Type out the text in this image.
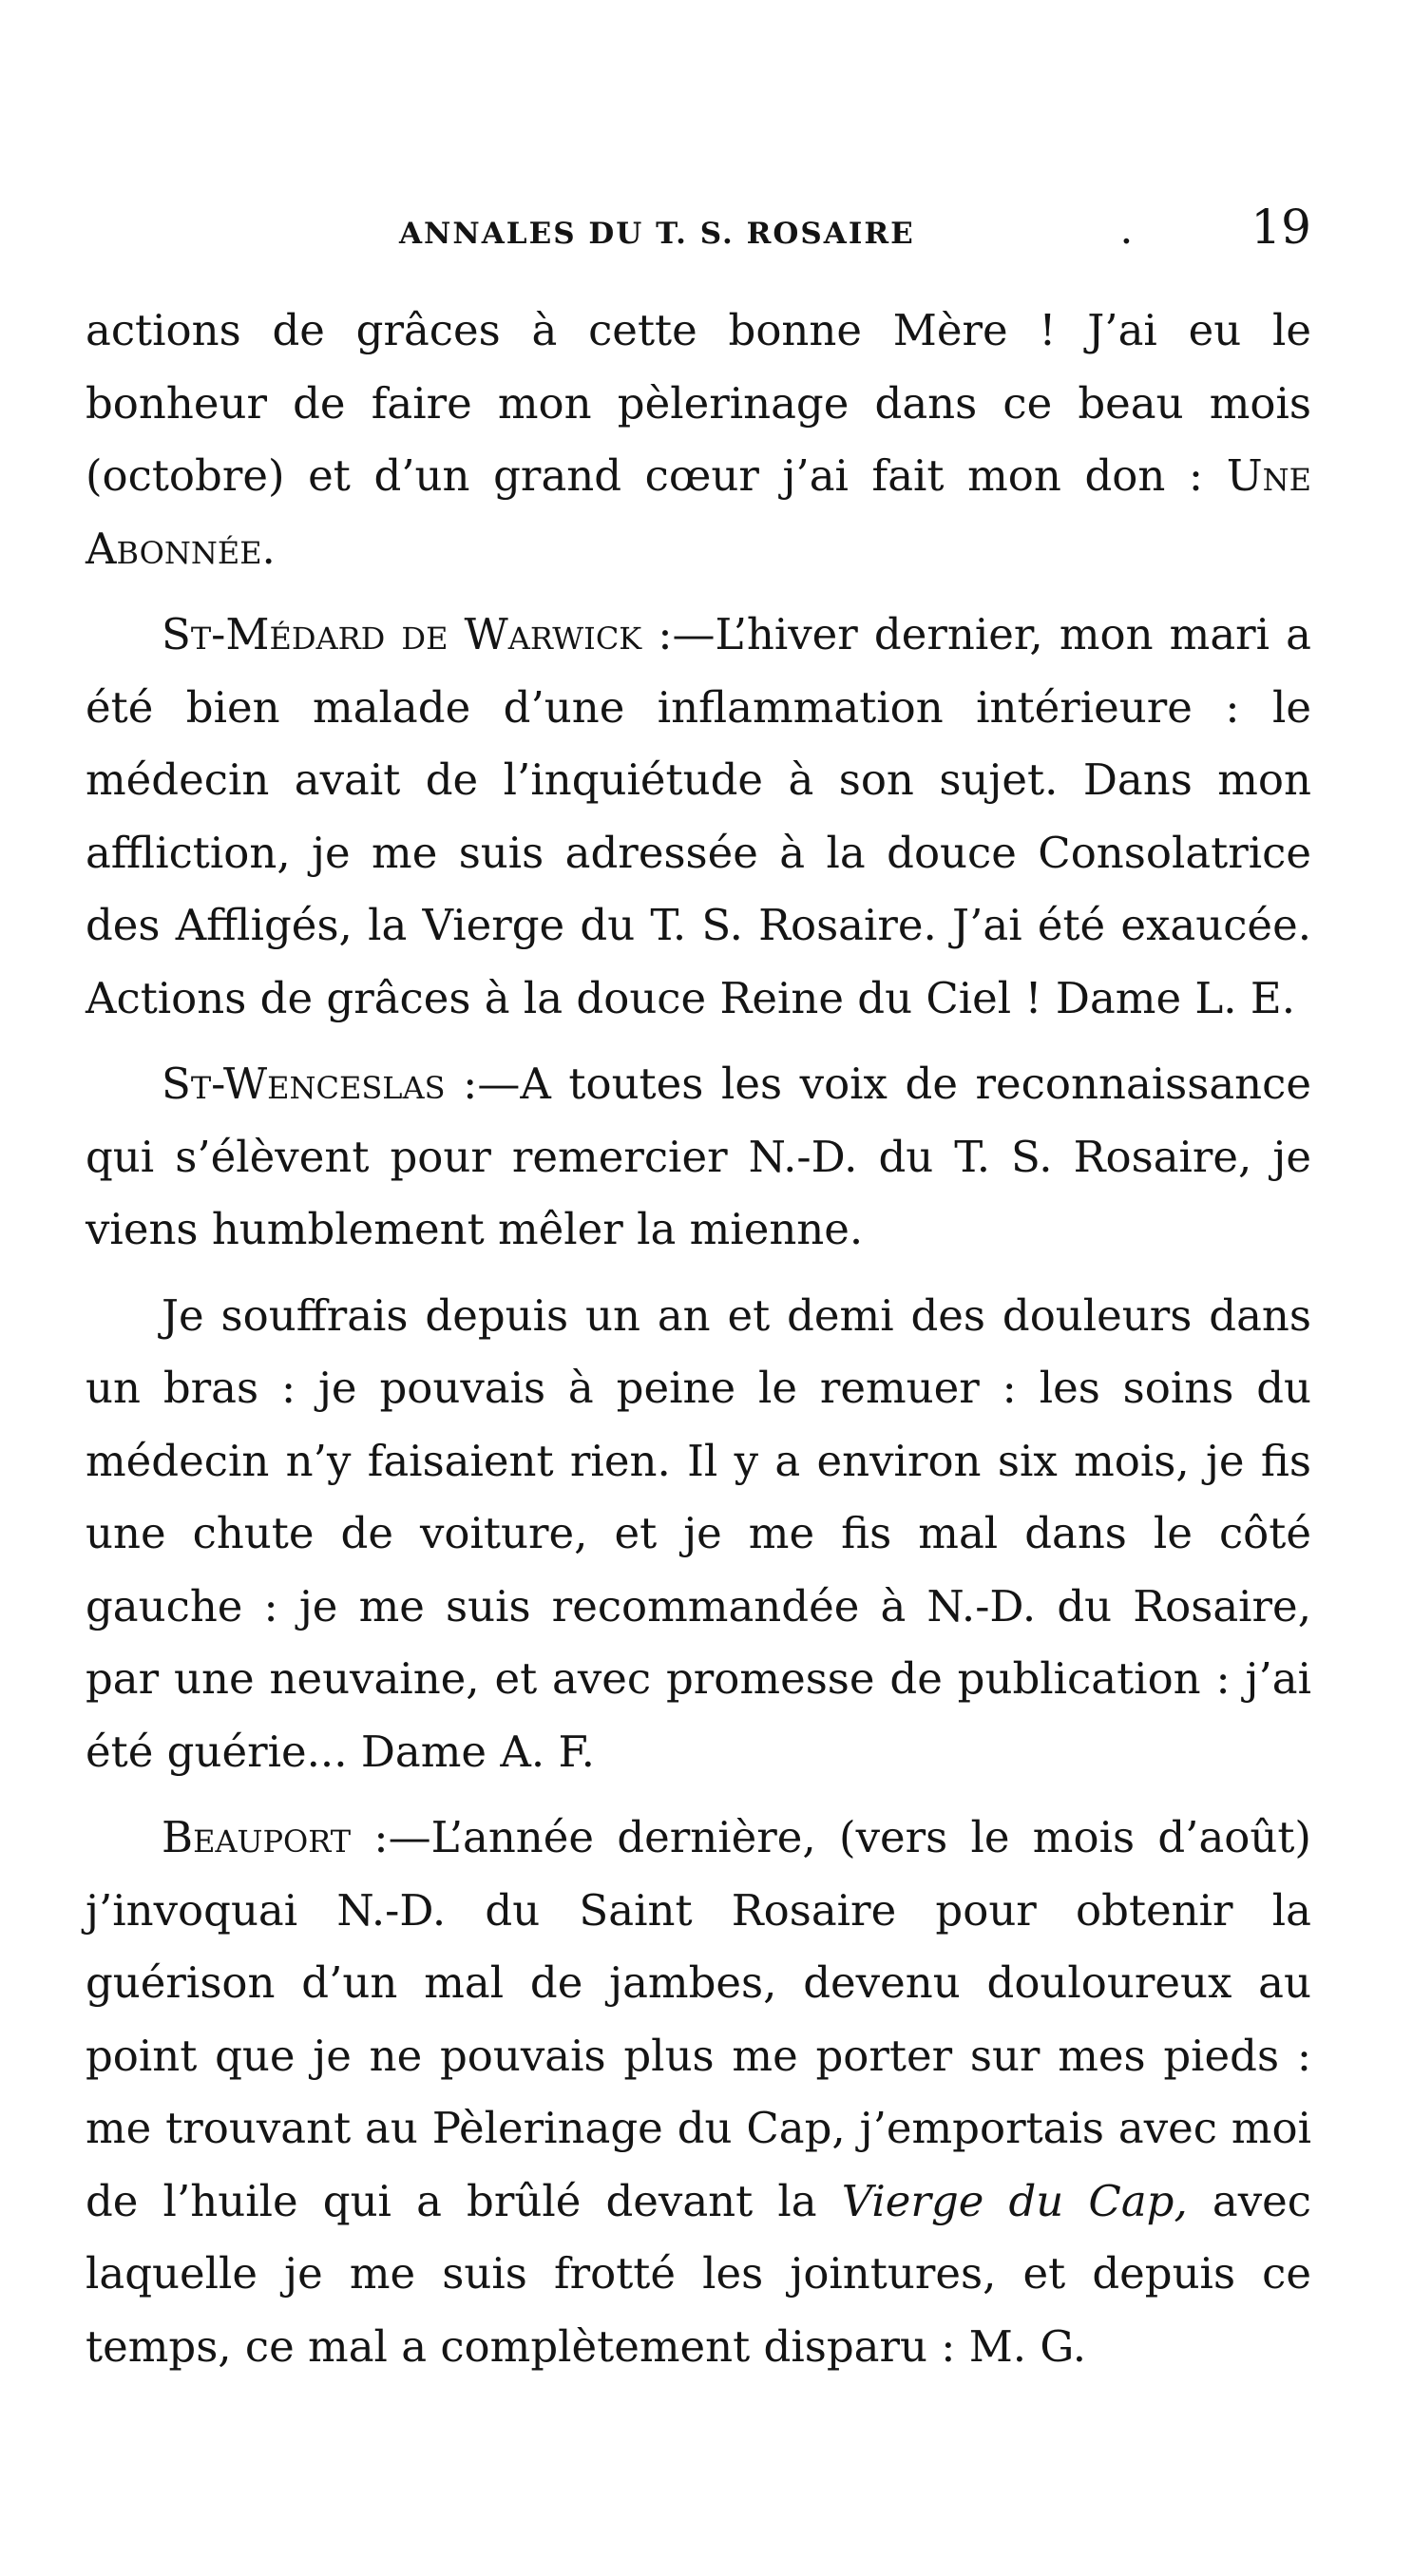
ANNALES DU T. S. ROSAIRE	.	19

actions de grâces à cette bonne Mère ! J’ai eu le bonheur de faire mon pèlerinage dans ce beau mois (octobre) et d’un grand cœur j’ai fait mon don : Une Abonnée.

St-Médard de Warwick :—L’hiver dernier, mon mari a été bien malade d’une inflammation intérieure : le médecin avait de l’inquiétude à son sujet. Dans mon affliction, je me suis adressée à la douce Consolatrice des Affligés, la Vierge du T. S. Rosaire. J’ai été exaucée. Actions de grâces à la douce Reine du Ciel ! Dame L. E.

St-Wenceslas :—A toutes les voix de reconnaissance qui s’élèvent pour remercier N.-D. du T. S. Rosaire, je viens humblement mêler la mienne.

Je souffrais depuis un an et demi des douleurs dans un bras : je pouvais à peine le remuer : les soins du médecin n’y faisaient rien. Il y a environ six mois, je fis une chute de voiture, et je me fis mal dans le côté gauche : je me suis recommandée à N.-D. du Rosaire, par une neuvaine, et avec promesse de publication : j’ai été guérie... Dame A. F.

Beauport :—L’année dernière, (vers le mois d’août) j’invoquai N.-D. du Saint Rosaire pour obtenir la guérison d’un mal de jambes, devenu douloureux au point que je ne pouvais plus me porter sur mes pieds : me trouvant au Pèlerinage du Cap, j’emportais avec moi de l’huile qui a brûlé devant la Vierge du Cap, avec laquelle je me suis frotté les jointures, et depuis ce temps, ce mal a complètement disparu : M. G.
